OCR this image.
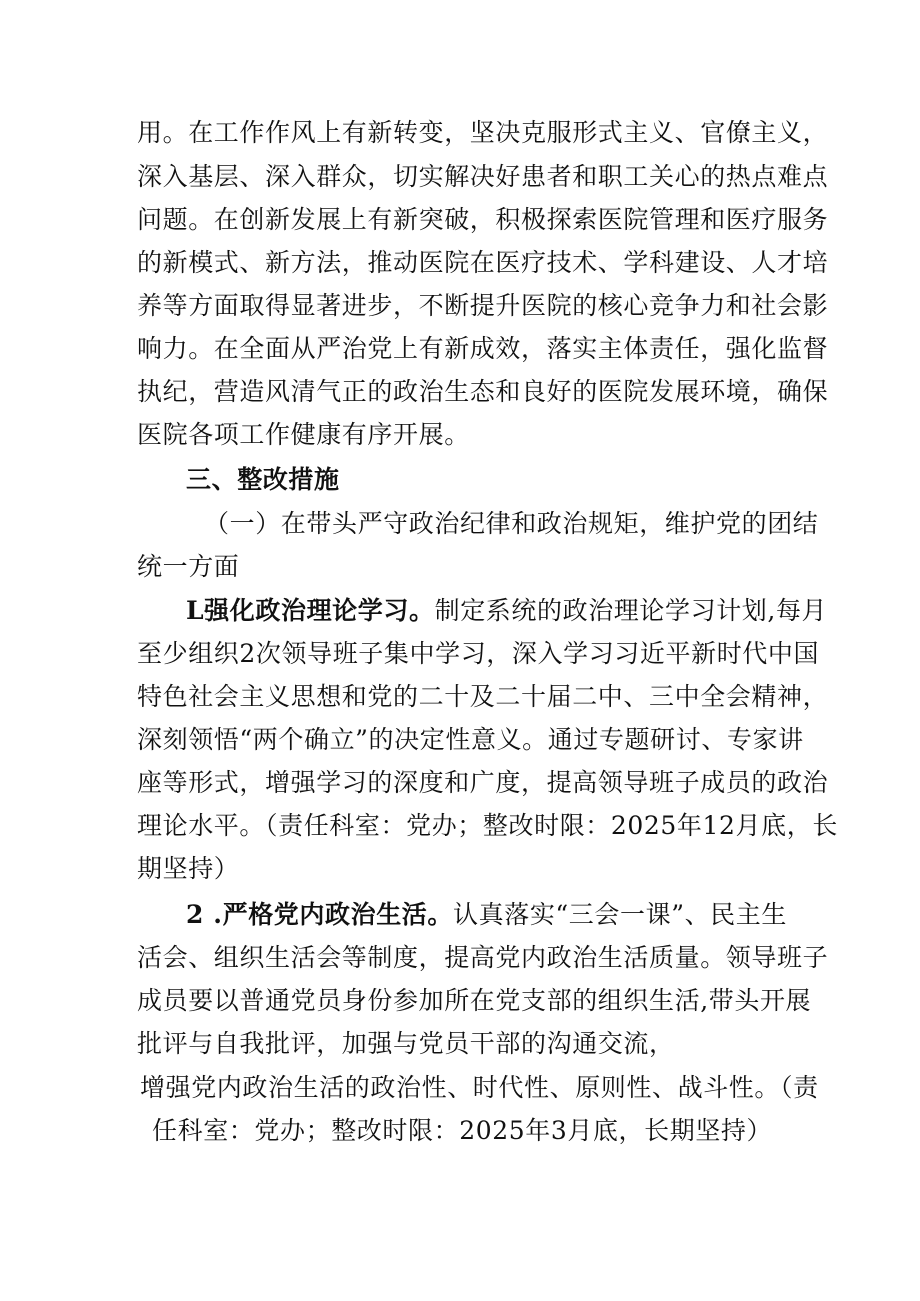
用。在工作作风上有新转变，坚决克服形式主义、官僚主义，
深入基层、深入群众，切实解决好患者和职工关心的热点难点
问题。在创新发展上有新突破，积极探索医院管理和医疗服务
的新模式、新方法，推动医院在医疗技术、学科建设、人才培
养等方面取得显著进步，不断提升医院的核心竞争力和社会影
响力。在全面从严治党上有新成效，落实主体责任，强化监督
执纪，营造风清气正的政治生态和良好的医院发展环境，确保
医院各项工作健康有序开展。
三、整改措施
（一）在带头严守政治纪律和政治规矩，维护党的团结
统一方面
L强化政治理论学习。制定系统的政治理论学习计划,每月
至少组织2次领导班子集中学习，深入学习习近平新时代中国
特色社会主义思想和党的二十及二十届二中、三中全会精神，
深刻领悟“两个确立”的决定性意义。通过专题研讨、专家讲
座等形式，增强学习的深度和广度，提高领导班子成员的政治
理论水平。（责任科室：党办；整改时限：2025年12月底，长
期坚持）
2 .严格党内政治生活。认真落实“三会一课”、民主生
活会、组织生活会等制度，提高党内政治生活质量。领导班子
成员要以普通党员身份参加所在党支部的组织生活,带头开展
批评与自我批评，加强与党员干部的沟通交流，
增强党内政治生活的政治性、时代性、原则性、战斗性。（责
任科室：党办；整改时限：2025年3月底，长期坚持）
